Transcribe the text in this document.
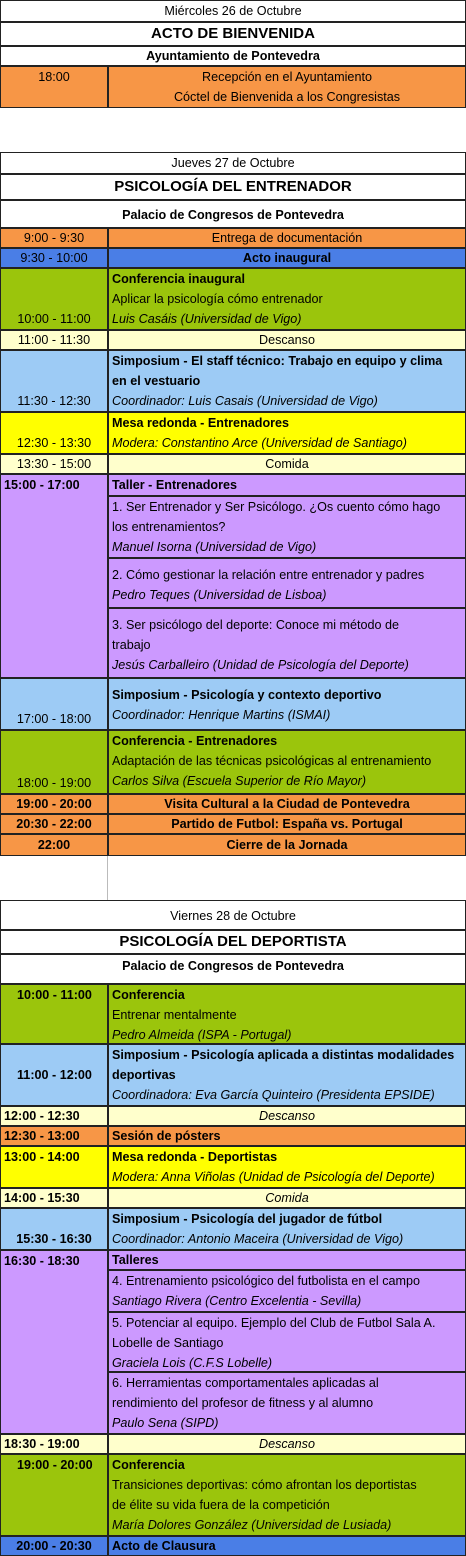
Miércoles 26 de Octubre
ACTO DE BIENVENIDA
Ayuntamiento de Pontevedra
18:00	Recepción en el Ayuntamiento
Cóctel de Bienvenida a los Congresistas
Jueves 27 de Octubre
PSICOLOGÍA DEL ENTRENADOR
Palacio de Congresos de Pontevedra
9:00 - 9:30	Entrega de documentación
9:30 - 10:00	Acto inaugural
10:00 - 11:00
Conferencia inaugural
Aplicar la psicología cómo entrenador
Luis Casáis (Universidad de Vigo)
11:00 - 11:30	Descanso
11:30 - 12:30
Simposium - El staff técnico: Trabajo en equipo y clima
en el vestuario
Coordinador: Luis Casais (Universidad de Vigo)
12:30 - 13:30
Mesa redonda - Entrenadores
Modera: Constantino Arce (Universidad de Santiago)
13:30 - 15:00	Comida
15:00 - 17:00	Taller - Entrenadores
1. Ser Entrenador y Ser Psicólogo. ¿Os cuento cómo hago
los entrenamientos?
Manuel Isorna (Universidad de Vigo)
2. Cómo gestionar la relación entre entrenador y padres
Pedro Teques (Universidad de Lisboa)
3. Ser psicólogo del deporte: Conoce mi método de
trabajo
Jesús Carballeiro (Unidad de Psicología del Deporte)
17:00 - 18:00
Simposium - Psicología y contexto deportivo
Coordinador: Henrique Martins (ISMAI)
18:00 - 19:00
Conferencia - Entrenadores
Adaptación de las técnicas psicológicas al entrenamiento
Carlos Silva (Escuela Superior de Río Mayor)
19:00 - 20:00	Visita Cultural a la Ciudad de Pontevedra
20:30 - 22:00	Partido de Futbol: España vs. Portugal
22:00	Cierre de la Jornada
Viernes 28 de Octubre
PSICOLOGÍA DEL DEPORTISTA
Palacio de Congresos de Pontevedra
10:00 - 11:00	Conferencia
Entrenar mentalmente
Pedro Almeida (ISPA - Portugal)
11:00 - 12:00
Simposium - Psicología aplicada a distintas modalidades
deportivas
Coordinadora: Eva García Quinteiro (Presidenta EPSIDE)
12:00 - 12:30	Descanso
12:30 - 13:00	Sesión de pósters
13:00 - 14:00	Mesa redonda - Deportistas
Modera: Anna Viñolas (Unidad de Psicología del Deporte)
14:00 - 15:30	Comida
15:30 - 16:30
Simposium - Psicología del jugador de fútbol
Coordinador: Antonio Maceira (Universidad de Vigo)
16:30 - 18:30	Talleres
4. Entrenamiento psicológico del futbolista en el campo
Santiago Rivera (Centro Excelentia - Sevilla)
5. Potenciar al equipo. Ejemplo del Club de Futbol Sala A.
Lobelle de Santiago
Graciela Lois (C.F.S Lobelle)
6. Herramientas comportamentales aplicadas al
rendimiento del profesor de fitness y al alumno
Paulo Sena (SIPD)
18:30 - 19:00	Descanso
19:00 - 20:00	Conferencia
Transiciones deportivas: cómo afrontan los deportistas
de élite su vida fuera de la competición
María Dolores González (Universidad de Lusiada)
20:00 - 20:30	Acto de Clausura
